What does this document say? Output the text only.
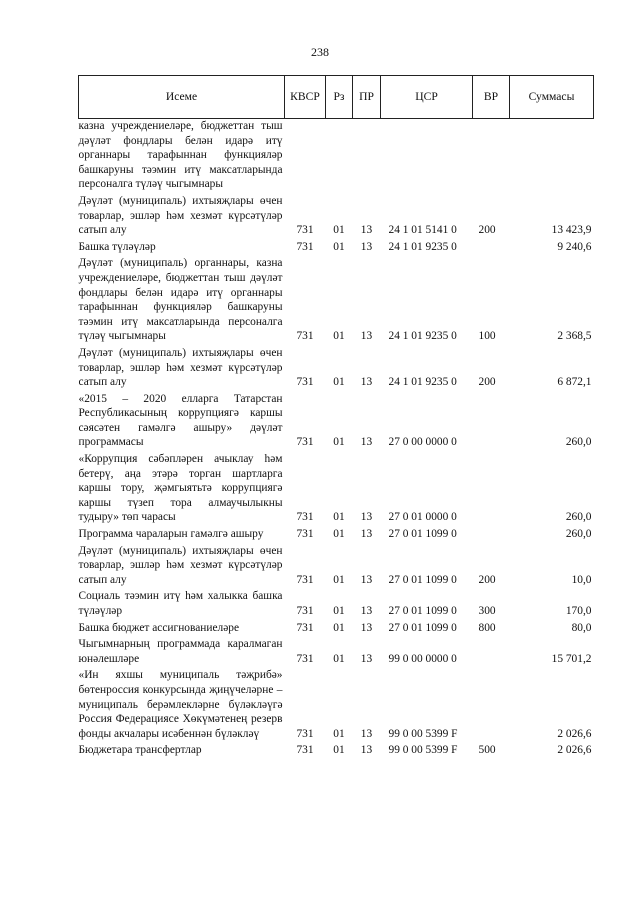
238
Исеме	КВСР	Рз	ПР	ЦСР	ВР	Суммасы
казна учреждениеләре, бюджеттан тыш дәүләт фондлары белән идарә итү органнары тарафыннан функцияләр башкаруны тәэмин итү максатларында персоналга түләү чыгымнары						
Дәүләт (муниципаль) ихтыяҗлары өчен товарлар, эшләр һәм хезмәт күрсәтүләр сатып алу	731	01	13	24 1 01 5141 0	200	13 423,9
Башка түләүләр	731	01	13	24 1 01 9235 0		9 240,6
Дәүләт (муниципаль) органнары, казна учреждениеләре, бюджеттан тыш дәүләт фондлары белән идарә итү органнары тарафыннан функцияләр башкаруны тәэмин итү максатларында персоналга түләү чыгымнары	731	01	13	24 1 01 9235 0	100	2 368,5
Дәүләт (муниципаль) ихтыяҗлары өчен товарлар, эшләр һәм хезмәт күрсәтүләр сатып алу	731	01	13	24 1 01 9235 0	200	6 872,1
«2015 – 2020 елларга Татарстан Республикасының коррупциягә каршы сәясәтен гамәлгә ашыру» дәүләт программасы	731	01	13	27 0 00 0000 0		260,0
«Коррупция сәбәпләрен ачыклау һәм бетерү, аңа этәрә торган шартларга каршы тору, җәмгыятьтә коррупциягә каршы түзеп тора алмаучылыкны тудыру» төп чарасы	731	01	13	27 0 01 0000 0		260,0
Программа чараларын гамәлгә ашыру	731	01	13	27 0 01 1099 0		260,0
Дәүләт (муниципаль) ихтыяҗлары өчен товарлар, эшләр һәм хезмәт күрсәтүләр сатып алу	731	01	13	27 0 01 1099 0	200	10,0
Социаль тәэмин итү һәм халыкка башка түләүләр	731	01	13	27 0 01 1099 0	300	170,0
Башка бюджет ассигнованиеләре	731	01	13	27 0 01 1099 0	800	80,0
Чыгымнарның программада каралмаган юнәлешләре	731	01	13	99 0 00 0000 0		15 701,2
«Ин яхшы муниципаль тәҗрибә» бөтенроссия конкурсында җиңүчеләрне – муниципаль берәмлекләрне бүләкләүгә Россия Федерациясе Хөкүмәтенең резерв фонды акчалары исәбеннән бүләкләү	731	01	13	99 0 00 5399 F		2 026,6
Бюджетара трансфертлар	731	01	13	99 0 00 5399 F	500	2 026,6
